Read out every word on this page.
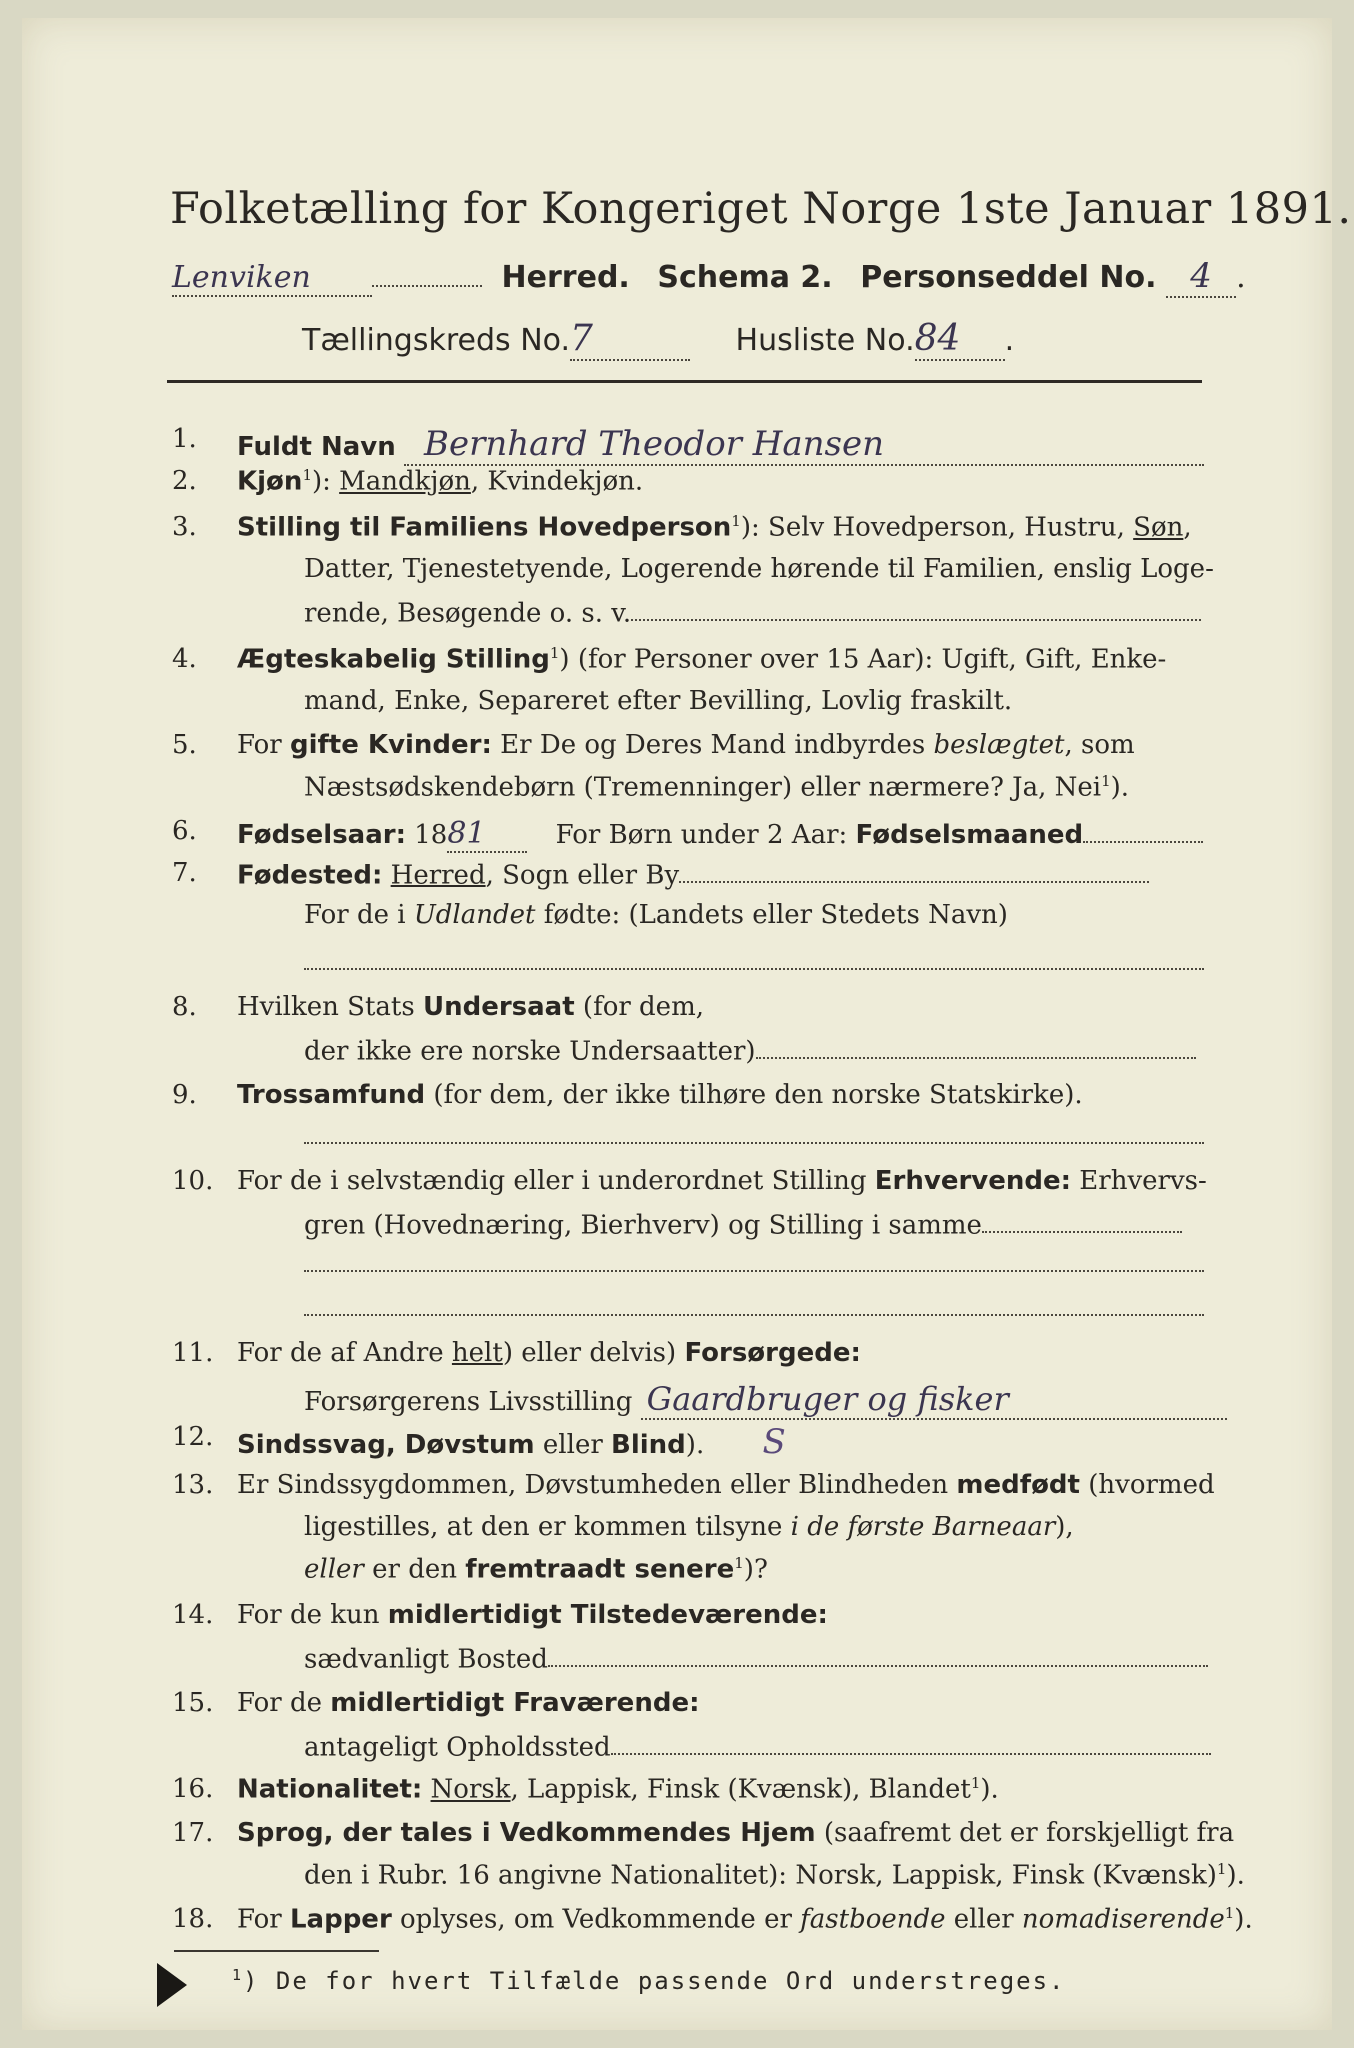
Folketælling for Kongeriget Norge 1ste Januar 1891.
Lenviken	Herred. Schema 2. Personseddel No. 4 .
Tællingskreds No.7	Husliste No.84 .
1.	Fuldt Navn Bernhard Theodor Hansen
2.	Kjøn$^1$): Mandkjøn, Kvindekjøn.
3.	Stilling til Familiens Hovedperson$^1$): Selv Hovedperson, Hustru, Søn,
Datter, Tjenestetyende, Logerende hørende til Familien, enslig Loge-
rende, Besøgende o. s. v.
4.	Ægteskabelig Stilling$^1$) (for Personer over 15 Aar): Ugift, Gift, Enke-
mand, Enke, Separeret efter Bevilling, Lovlig fraskilt.
5.	For gifte Kvinder: Er De og Deres Mand indbyrdes beslægtet, som
Næstsødskendebørn (Tremenninger) eller nærmere? Ja, Nei$^1$).
6.	Fødselsaar: 1881	For Børn under 2 Aar: Fødselsmaaned
7.	Fødested: Herred, Sogn eller By
For de i Udlandet fødte: (Landets eller Stedets Navn)
8.	Hvilken Stats Undersaat (for dem,
der ikke ere norske Undersaatter)
9.	Trossamfund (for dem, der ikke tilhøre den norske Statskirke).
10. For de i selvstændig eller i underordnet Stilling Erhvervende: Erhvervs-
gren (Hovednæring, Bierhverv) og Stilling i samme
11. For de af Andre helt) eller delvis) Forsørgede:
Forsørgerens Livsstilling Gaardbruger og fisker
12. Sindssvag, Døvstum eller Blind). S
13. Er Sindssygdommen, Døvstumheden eller Blindheden medfødt (hvormed
ligestilles, at den er kommen tilsyne i de første Barneaar),
eller er den fremtraadt senere$^1$)?
14. For de kun midlertidigt Tilstedeværende:
sædvanligt Bosted
15. For de midlertidigt Fraværende:
antageligt Opholdssted
16. Nationalitet: Norsk, Lappisk, Finsk (Kvænsk), Blandet$^1$).
17. Sprog, der tales i Vedkommendes Hjem (saafremt det er forskjelligt fra
den i Rubr. 16 angivne Nationalitet): Norsk, Lappisk, Finsk (Kvænsk)$^1$).
18. For Lapper oplyses, om Vedkommende er fastboende eller nomadiserende$^1$).
$^1$) De for hvert Tilfælde passende Ord understreges.
